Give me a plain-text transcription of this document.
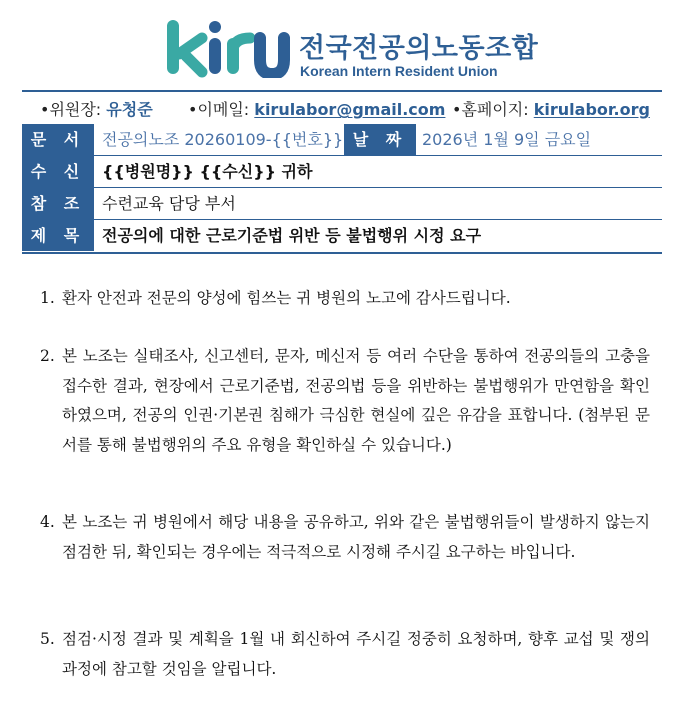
kiru
전국전공의노동조합
Korean Intern Resident Union
•위원장: 유청준 •이메일: kirulabor@gmail.com •홈페이지: kirulabor.org
문 서	전공의노조 20260109-{{번호}} 날 짜 2026년 1월 9일 금요일
수 신	{{병원명}} {{수신}} 귀하
참 조	수련교육 담당 부서
제 목	전공의에 대한 근로기준법 위반 등 불법행위 시정 요구
1. 환자 안전과 전문의 양성에 힘쓰는 귀 병원의 노고에 감사드립니다.
2. 본 노조는 실태조사, 신고센터, 문자, 메신저 등 여러 수단을 통하여 전공의들의 고충을 접수한 결과, 현장에서 근로기준법, 전공의법 등을 위반하는 불법행위가 만연함을 확인하였으며, 전공의 인권·기본권 침해가 극심한 현실에 깊은 유감을 표합니다. (첨부된 문서를 통해 불법행위의 주요 유형을 확인하실 수 있습니다.)
4. 본 노조는 귀 병원에서 해당 내용을 공유하고, 위와 같은 불법행위들이 발생하지 않는지 점검한 뒤, 확인되는 경우에는 적극적으로 시정해 주시길 요구하는 바입니다.
5. 점검·시정 결과 및 계획을 1월 내 회신하여 주시길 정중히 요청하며, 향후 교섭 및 쟁의 과정에 참고할 것임을 알립니다.
